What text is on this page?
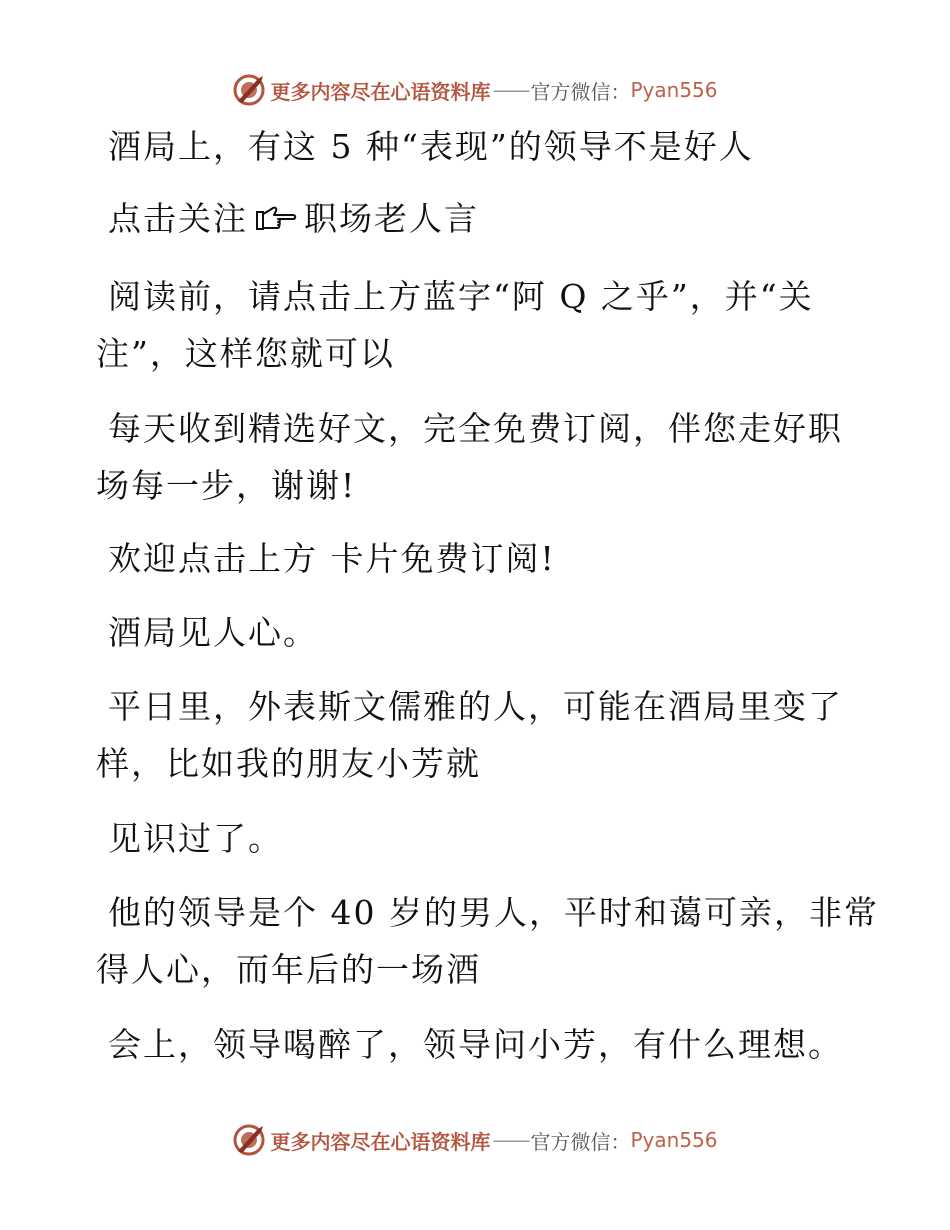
更多内容尽在心语资料库 —— 官方微信： Pyan556

酒局上，有这 5 种“表现”的领导不是好人

点击关注 职场老人言

阅读前，请点击上方蓝字“阿 Q 之乎”，并“关
注”，这样您就可以

每天收到精选好文，完全免费订阅，伴您走好职
场每一步，谢谢!

欢迎点击上方 卡片免费订阅!

酒局见人心。

平日里，外表斯文儒雅的人，可能在酒局里变了
样，比如我的朋友小芳就

见识过了。

他的领导是个 40 岁的男人，平时和蔼可亲，非常
得人心，而年后的一场酒

会上，领导喝醉了，领导问小芳，有什么理想。

更多内容尽在心语资料库 —— 官方微信： Pyan556
